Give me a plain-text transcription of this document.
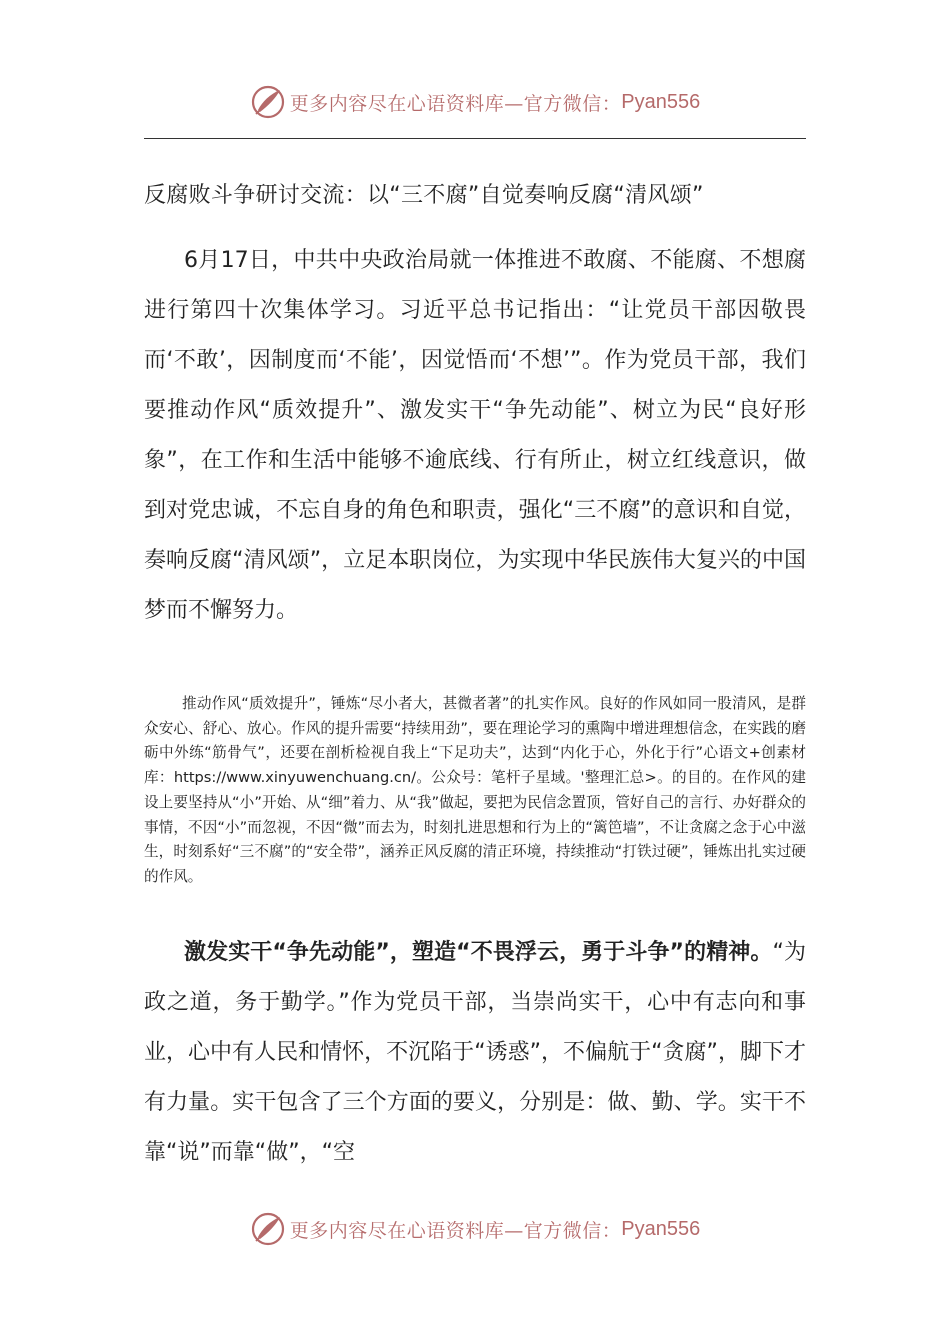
更多内容尽在心语资料库—官方微信： Pyan556
反腐败斗争研讨交流：以“三不腐”自觉奏响反腐“清风颂”

6月17日，中共中央政治局就一体推进不敢腐、不能腐、不想腐进行第四十次集体学习。习近平总书记指出：“让党员干部因敬畏而‘不敢’，因制度而‘不能’，因觉悟而‘不想’”。作为党员干部，我们要推动作风“质效提升”、激发实干“争先动能”、树立为民“良好形象”，在工作和生活中能够不逾底线、行有所止，树立红线意识，做到对党忠诚，不忘自身的角色和职责，强化“三不腐”的意识和自觉，奏响反腐“清风颂”，立足本职岗位，为实现中华民族伟大复兴的中国梦而不懈努力。

推动作风“质效提升”，锤炼“尽小者大，甚微者著”的扎实作风。良好的作风如同一股清风，是群众安心、舒心、放心。作风的提升需要“持续用劲”，要在理论学习的熏陶中增进理想信念，在实践的磨砺中外练“筋骨气”，还要在剖析检视自我上“下足功夫”，达到“内化于心，外化于行”心语文+创素材库：https://www.xinyuwenchuang.cn/。公众号：笔杆子星域。'整理汇总>。的目的。在作风的建设上要坚持从“小”开始、从“细”着力、从“我”做起，要把为民信念置顶，管好自己的言行、办好群众的事情，不因“小”而忽视，不因“微”而去为，时刻扎进思想和行为上的“篱笆墙”，不让贪腐之念于心中滋生，时刻系好“三不腐”的“安全带”，涵养正风反腐的清正环境，持续推动“打铁过硬”，锤炼出扎实过硬的作风。

激发实干“争先动能”，塑造“不畏浮云，勇于斗争”的精神。“为政之道，务于勤学。”作为党员干部，当崇尚实干，心中有志向和事业，心中有人民和情怀，不沉陷于“诱惑”，不偏航于“贪腐”，脚下才有力量。实干包含了三个方面的要义，分别是：做、勤、学。实干不靠“说”而靠“做”，“空

更多内容尽在心语资料库—官方微信： Pyan556
